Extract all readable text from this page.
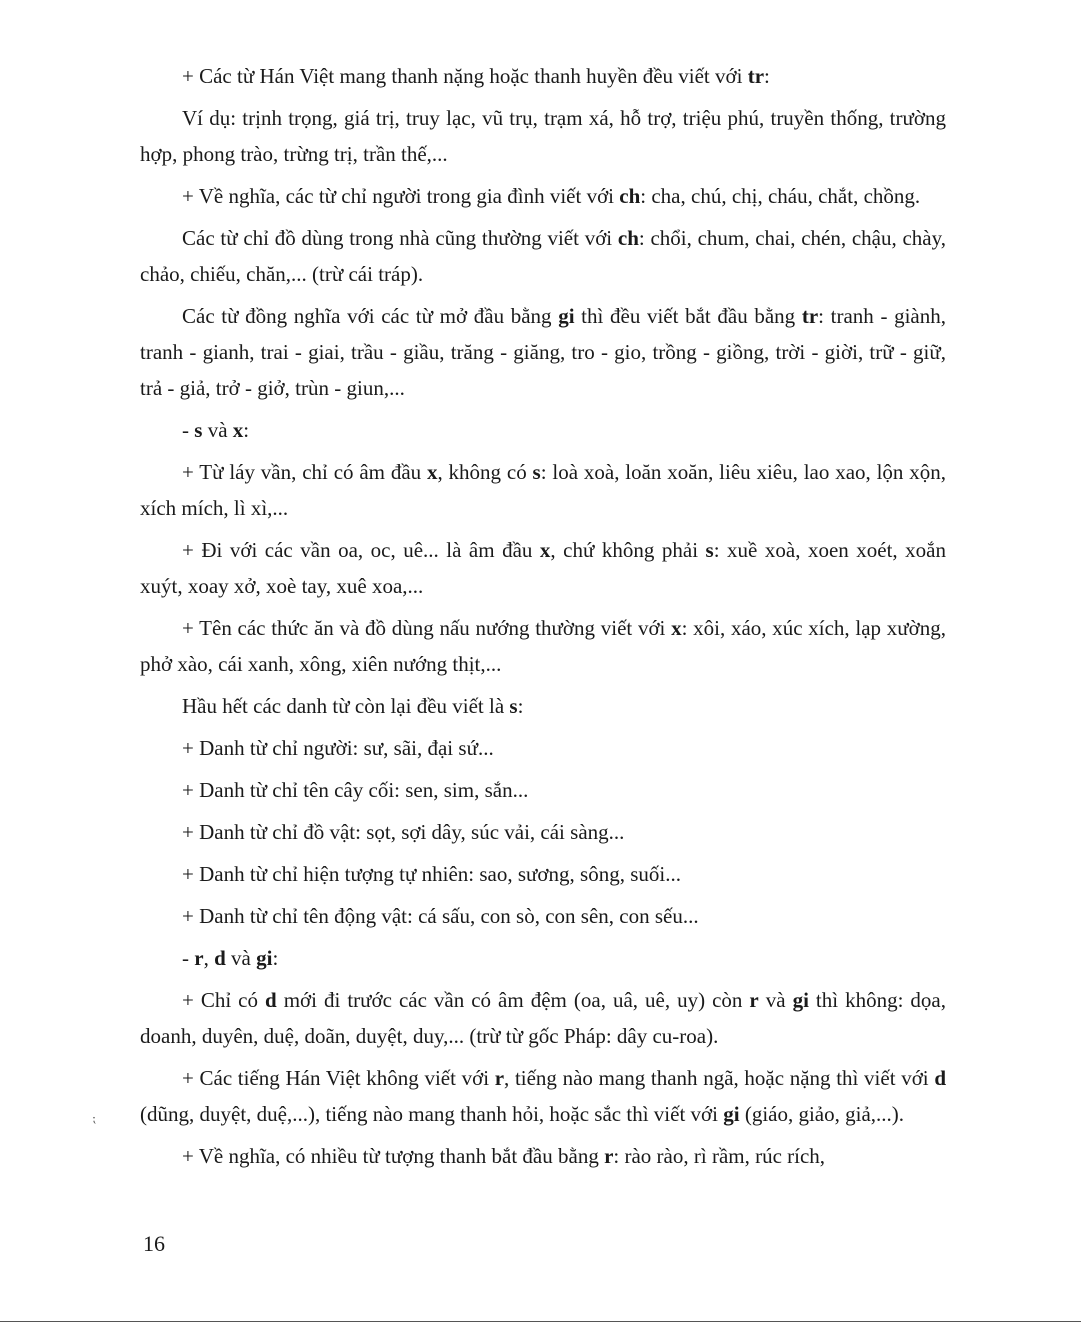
+ Các từ Hán Việt mang thanh nặng hoặc thanh huyền đều viết với tr:

Ví dụ: trịnh trọng, giá trị, truy lạc, vũ trụ, trạm xá, hỗ trợ, triệu phú, truyền thống, trường hợp, phong trào, trừng trị, trần thế,...

+ Về nghĩa, các từ chỉ người trong gia đình viết với ch: cha, chú, chị, cháu, chắt, chồng.

Các từ chỉ đồ dùng trong nhà cũng thường viết với ch: chổi, chum, chai, chén, chậu, chày, chảo, chiếu, chăn,... (trừ cái tráp).

Các từ đồng nghĩa với các từ mở đầu bằng gi thì đều viết bắt đầu bằng tr: tranh - giành, tranh - gianh, trai - giai, trầu - giầu, trăng - giăng, tro - gio, trồng - giồng, trời - giời, trữ - giữ, trả - giả, trở - giở, trùn - giun,...

- s và x:

+ Từ láy vần, chỉ có âm đầu x, không có s: loà xoà, loăn xoăn, liêu xiêu, lao xao, lộn xộn, xích mích, lì xì,...

+ Đi với các vần oa, oc, uê... là âm đầu x, chứ không phải s: xuề xoà, xoen xoét, xoắn xuýt, xoay xở, xoè tay, xuê xoa,...

+ Tên các thức ăn và đồ dùng nấu nướng thường viết với x: xôi, xáo, xúc xích, lạp xường, phở xào, cái xanh, xông, xiên nướng thịt,...

Hầu hết các danh từ còn lại đều viết là s:

+ Danh từ chỉ người: sư, sãi, đại sứ...

+ Danh từ chỉ tên cây cối: sen, sim, sắn...

+ Danh từ chỉ đồ vật: sọt, sợi dây, súc vải, cái sàng...

+ Danh từ chỉ hiện tượng tự nhiên: sao, sương, sông, suối...

+ Danh từ chỉ tên động vật: cá sấu, con sò, con sên, con sếu...

- r, d và gi:

+ Chỉ có d mới đi trước các vần có âm đệm (oa, uâ, uê, uy) còn r và gi thì không: dọa, doanh, duyên, duệ, doãn, duyệt, duy,... (trừ từ gốc Pháp: dây cu-roa).

+ Các tiếng Hán Việt không viết với r, tiếng nào mang thanh ngã, hoặc nặng thì viết với d (dũng, duyệt, duệ,...), tiếng nào mang thanh hỏi, hoặc sắc thì viết với gi (giáo, giảo, giả,...).

+ Về nghĩa, có nhiều từ tượng thanh bắt đầu bằng r: rào rào, rì rầm, rúc rích,

⁏
16
